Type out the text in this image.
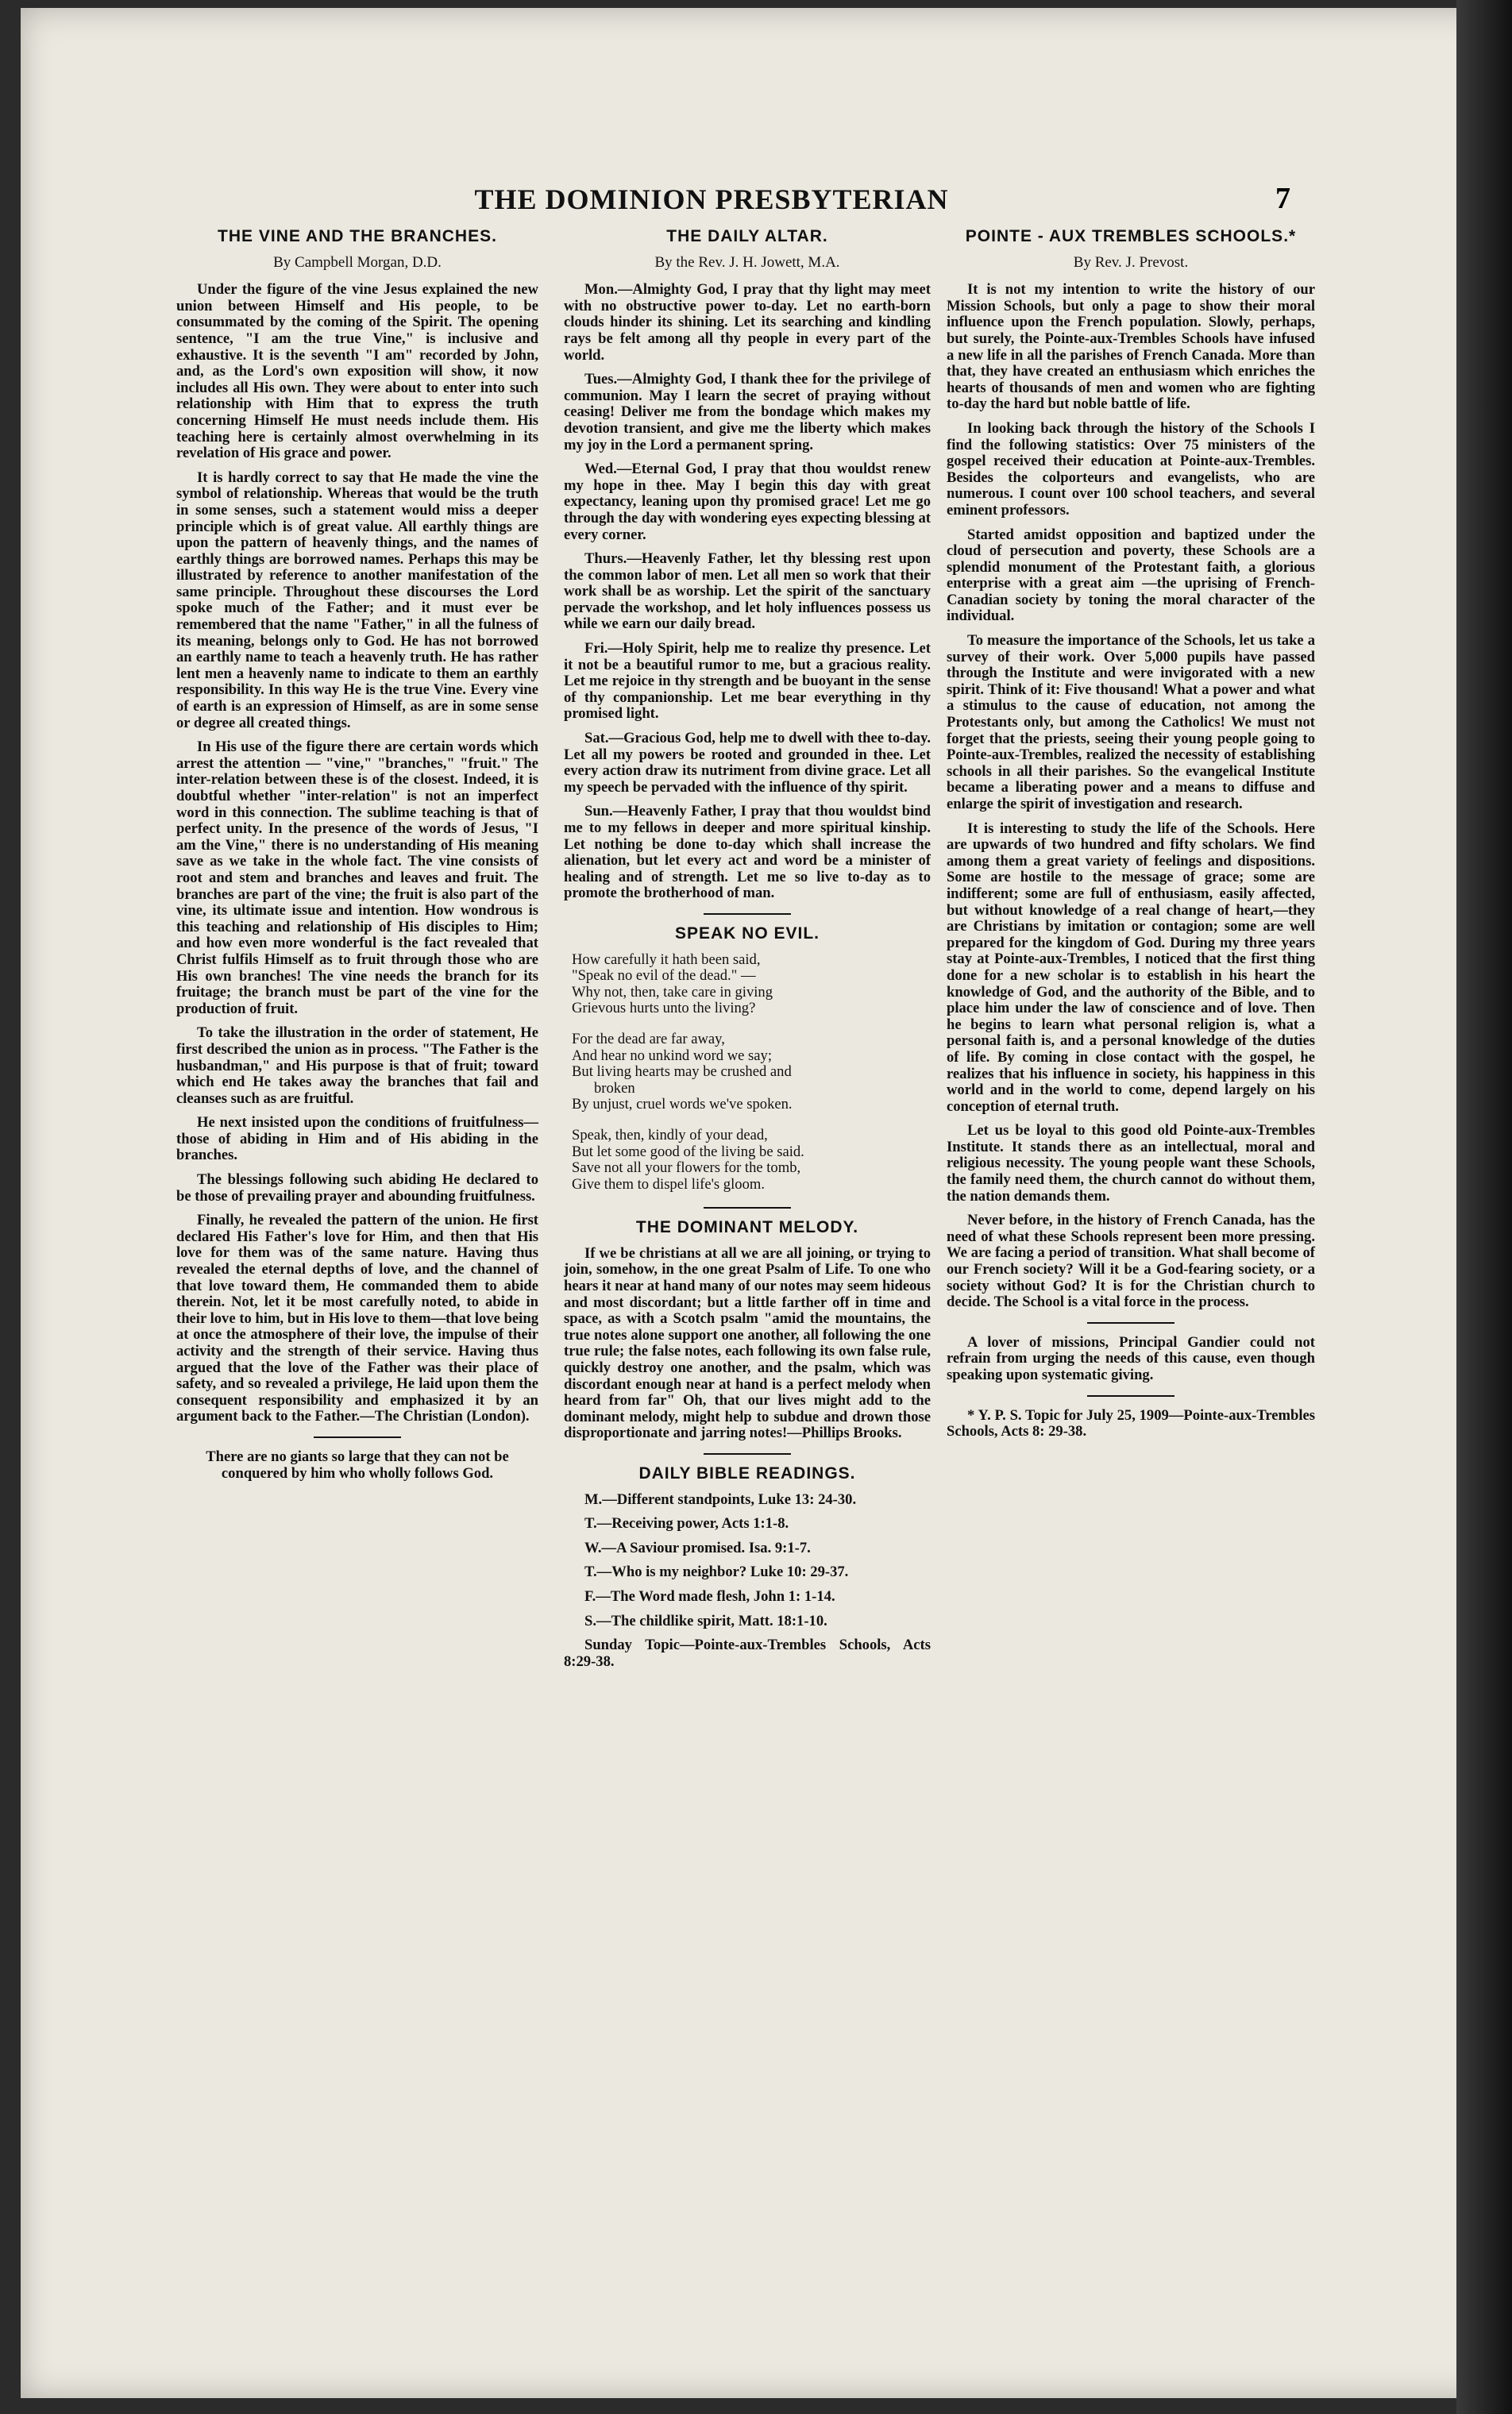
THE DOMINION PRESBYTERIAN	7
THE VINE AND THE BRANCHES.
By Campbell Morgan, D.D.

Under the figure of the vine Jesus explained the new union between Himself and His people, to be consummated by the coming of the Spirit. The opening sentence, "I am the true Vine," is inclusive and exhaustive. It is the seventh "I am" recorded by John, and, as the Lord's own exposition will show, it now includes all His own. They were about to enter into such relationship with Him that to express the truth concerning Himself He must needs include them. His teaching here is certainly almost overwhelming in its revelation of His grace and power.

It is hardly correct to say that He made the vine the symbol of relationship. Whereas that would be the truth in some senses, such a statement would miss a deeper principle which is of great value. All earthly things are upon the pattern of heavenly things, and the names of earthly things are borrowed names. Perhaps this may be illustrated by reference to another manifestation of the same principle. Throughout these discourses the Lord spoke much of the Father; and it must ever be remembered that the name "Father," in all the fulness of its meaning, belongs only to God. He has not borrowed an earthly name to teach a heavenly truth. He has rather lent men a heavenly name to indicate to them an earthly responsibility. In this way He is the true Vine. Every vine of earth is an expression of Himself, as are in some sense or degree all created things.

In His use of the figure there are certain words which arrest the attention — "vine," "branches," "fruit." The inter-relation between these is of the closest. Indeed, it is doubtful whether "inter-relation" is not an imperfect word in this connection. The sublime teaching is that of perfect unity. In the presence of the words of Jesus, "I am the Vine," there is no understanding of His meaning save as we take in the whole fact. The vine consists of root and stem and branches and leaves and fruit. The branches are part of the vine; the fruit is also part of the vine, its ultimate issue and intention. How wondrous is this teaching and relationship of His disciples to Him; and how even more wonderful is the fact revealed that Christ fulfils Himself as to fruit through those who are His own branches! The vine needs the branch for its fruitage; the branch must be part of the vine for the production of fruit.

To take the illustration in the order of statement, He first described the union as in process. "The Father is the husbandman," and His purpose is that of fruit; toward which end He takes away the branches that fail and cleanses such as are fruitful.

He next insisted upon the conditions of fruitfulness—those of abiding in Him and of His abiding in the branches.

The blessings following such abiding He declared to be those of prevailing prayer and abounding fruitfulness.

Finally, he revealed the pattern of the union. He first declared His Father's love for Him, and then that His love for them was of the same nature. Having thus revealed the eternal depths of love, and the channel of that love toward them, He commanded them to abide therein. Not, let it be most carefully noted, to abide in their love to him, but in His love to them—that love being at once the atmosphere of their love, the impulse of their activity and the strength of their service. Having thus argued that the love of the Father was their place of safety, and so revealed a privilege, He laid upon them the consequent responsibility and emphasized it by an argument back to the Father.—The Christian (London).

There are no giants so large that they can not be conquered by him who wholly follows God.
THE DAILY ALTAR.
By the Rev. J. H. Jowett, M.A.

Mon.—Almighty God, I pray that thy light may meet with no obstructive power to-day. Let no earth-born clouds hinder its shining. Let its searching and kindling rays be felt among all thy people in every part of the world.

Tues.—Almighty God, I thank thee for the privilege of communion. May I learn the secret of praying without ceasing! Deliver me from the bondage which makes my devotion transient, and give me the liberty which makes my joy in the Lord a permanent spring.

Wed.—Eternal God, I pray that thou wouldst renew my hope in thee. May I begin this day with great expectancy, leaning upon thy promised grace! Let me go through the day with wondering eyes expecting blessing at every corner.

Thurs.—Heavenly Father, let thy blessing rest upon the common labor of men. Let all men so work that their work shall be as worship. Let the spirit of the sanctuary pervade the workshop, and let holy influences possess us while we earn our daily bread.

Fri.—Holy Spirit, help me to realize thy presence. Let it not be a beautiful rumor to me, but a gracious reality. Let me rejoice in thy strength and be buoyant in the sense of thy companionship. Let me bear everything in thy promised light.

Sat.—Gracious God, help me to dwell with thee to-day. Let all my powers be rooted and grounded in thee. Let every action draw its nutriment from divine grace. Let all my speech be pervaded with the influence of thy spirit.

Sun.—Heavenly Father, I pray that thou wouldst bind me to my fellows in deeper and more spiritual kinship. Let nothing be done to-day which shall increase the alienation, but let every act and word be a minister of healing and of strength. Let me so live to-day as to promote the brotherhood of man.

SPEAK NO EVIL.
How carefully it hath been said,
"Speak no evil of the dead." —
Why not, then, take care in giving
Grievous hurts unto the living?
For the dead are far away,
And hear no unkind word we say;
But living hearts may be crushed and
broken
By unjust, cruel words we've spoken.
Speak, then, kindly of your dead,
But let some good of the living be said.
Save not all your flowers for the tomb,
Give them to dispel life's gloom.
THE DOMINANT MELODY.

If we be christians at all we are all joining, or trying to join, somehow, in the one great Psalm of Life. To one who hears it near at hand many of our notes may seem hideous and most discordant; but a little farther off in time and space, as with a Scotch psalm "amid the mountains, the true notes alone support one another, all following the one true rule; the false notes, each following its own false rule, quickly destroy one another, and the psalm, which was discordant enough near at hand is a perfect melody when heard from far" Oh, that our lives might add to the dominant melody, might help to subdue and drown those disproportionate and jarring notes!—Phillips Brooks.

DAILY BIBLE READINGS.

M.—Different standpoints, Luke 13: 24-30.

T.—Receiving power, Acts 1:1-8.

W.—A Saviour promised. Isa. 9:1-7.

T.—Who is my neighbor? Luke 10: 29-37.

F.—The Word made flesh, John 1: 1-14.

S.—The childlike spirit, Matt. 18:1-10.

Sunday Topic—Pointe-aux-Trembles Schools, Acts 8:29-38.

POINTE - AUX TREMBLES SCHOOLS.*
By Rev. J. Prevost.

It is not my intention to write the history of our Mission Schools, but only a page to show their moral influence upon the French population. Slowly, perhaps, but surely, the Pointe-aux-Trembles Schools have infused a new life in all the parishes of French Canada. More than that, they have created an enthusiasm which enriches the hearts of thousands of men and women who are fighting to-day the hard but noble battle of life.

In looking back through the history of the Schools I find the following statistics: Over 75 ministers of the gospel received their education at Pointe-aux-Trembles. Besides the colporteurs and evangelists, who are numerous. I count over 100 school teachers, and several eminent professors.

Started amidst opposition and baptized under the cloud of persecution and poverty, these Schools are a splendid monument of the Protestant faith, a glorious enterprise with a great aim —the uprising of French-Canadian society by toning the moral character of the individual.

To measure the importance of the Schools, let us take a survey of their work. Over 5,000 pupils have passed through the Institute and were invigorated with a new spirit. Think of it: Five thousand! What a power and what a stimulus to the cause of education, not among the Protestants only, but among the Catholics! We must not forget that the priests, seeing their young people going to Pointe-aux-Trembles, realized the necessity of establishing schools in all their parishes. So the evangelical Institute became a liberating power and a means to diffuse and enlarge the spirit of investigation and research.

It is interesting to study the life of the Schools. Here are upwards of two hundred and fifty scholars. We find among them a great variety of feelings and dispositions. Some are hostile to the message of grace; some are indifferent; some are full of enthusiasm, easily affected, but without knowledge of a real change of heart,—they are Christians by imitation or contagion; some are well prepared for the kingdom of God. During my three years stay at Pointe-aux-Trembles, I noticed that the first thing done for a new scholar is to establish in his heart the knowledge of God, and the authority of the Bible, and to place him under the law of conscience and of love. Then he begins to learn what personal religion is, what a personal faith is, and a personal knowledge of the duties of life. By coming in close contact with the gospel, he realizes that his influence in society, his happiness in this world and in the world to come, depend largely on his conception of eternal truth.

Let us be loyal to this good old Pointe-aux-Trembles Institute. It stands there as an intellectual, moral and religious necessity. The young people want these Schools, the family need them, the church cannot do without them, the nation demands them.

Never before, in the history of French Canada, has the need of what these Schools represent been more pressing. We are facing a period of transition. What shall become of our French society? Will it be a God-fearing society, or a society without God? It is for the Christian church to decide. The School is a vital force in the process.

A lover of missions, Principal Gandier could not refrain from urging the needs of this cause, even though speaking upon systematic giving.

* Y. P. S. Topic for July 25, 1909—Pointe-aux-Trembles Schools, Acts 8: 29-38.
